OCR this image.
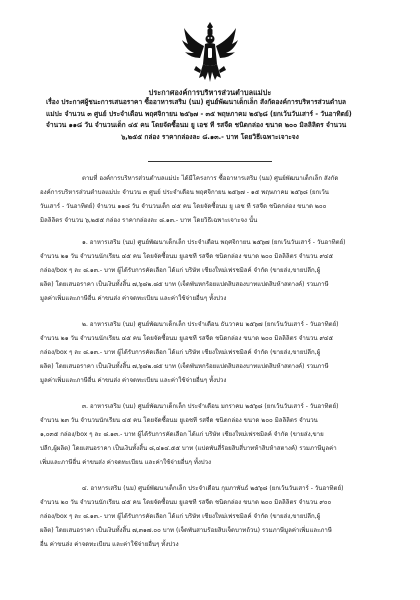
ประกาศองค์การบริหารส่วนตำบลแม่ปะ
เรื่อง ประกาศผู้ชนะการเสนอราคา ซื้ออาหารเสริม (นม) ศูนย์พัฒนาเด็กเล็ก สังกัดองค์การบริหารส่วนตำบล
แม่ปะ จำนวน ๓ ศูนย์ ประจำเดือน พฤศจิกายน ๒๕๖๗ - ๓๕ พฤษภาคม ๒๕๖๘ (ยกเว้นวันเสาร์ - วันอาทิตย์)
จำนวน ๑๑๘ วัน จำนวนเด็ก ๔๕ คน โดยจัดซื้อนม ยู เอช ที รสจืด ชนิดกล่อง ขนาด ๒๐๐ มิลลิลิตร จำนวน
๖,๒๕๕ กล่อง ราคากล่องละ ๘.๑๓.- บาท โดยวิธีเฉพาะเจาะจง
ตามที่ องค์การบริหารส่วนตำบลแม่ปะ ได้มีโครงการ ซื้ออาหารเสริม (นม) ศูนย์พัฒนาเด็กเล็ก สังกัด
องค์การบริหารส่วนตำบลแม่ปะ จำนวน ๓ ศูนย์ ประจำเดือน พฤศจิกายน ๒๕๖๗ - ๑๕ พฤษภาคม ๒๕๖๘ (ยกเว้น
วันเสาร์ - วันอาทิตย์) จำนวน ๑๑๘ วัน จำนวนเด็ก ๔๕ คน โดยจัดซื้อนม ยู เอช ที รสจืด ชนิดกล่อง ขนาด ๒๐๐
มิลลิลิตร จำนวน ๖,๒๕๕ กล่อง ราคากล่องละ ๘.๑๓.- บาท โดยวิธีเฉพาะเจาะจง นั้น
๑. อาหารเสริม (นม) ศูนย์พัฒนาเด็กเล็ก ประจำเดือน พฤศจิกายน ๒๕๖๗ (ยกเว้นวันเสาร์ - วันอาทิตย์)
จำนวน ๒๑ วัน จำนวนนักเรียน ๔๕ คน โดยจัดซื้อนม ยูเอชที รสจืด ชนิดกล่อง ขนาด ๒๐๐ มิลลิลิตร จำนวน ๙๔๕
กล่อง/box ๆ ละ ๘.๑๓.- บาท ผู้ได้รับการคัดเลือก ได้แก่ บริษัท เชียงใหม่เฟรชมิลค์ จำกัด (ขายส่ง,ขายปลีก,ผู้
ผลิต) โดยเสนอราคา เป็นเงินทั้งสิ้น ๗,๖๘๒.๘๕ บาท (เจ็ดพันหกร้อยแปดสิบสองบาทแปดสิบห้าสตางค์) รวมภาษี
มูลค่าเพิ่มและภาษีอื่น ค่าขนส่ง ค่าจดทะเบียน และค่าใช้จ่ายอื่นๆ ทั้งปวง
๒. อาหารเสริม (นม) ศูนย์พัฒนาเด็กเล็ก ประจำเดือน ธันวาคม ๒๕๖๗ (ยกเว้นวันเสาร์ - วันอาทิตย์)
จำนวน ๒๑ วัน จำนวนนักเรียน ๔๕ คน โดยจัดซื้อนม ยูเอชที รสจืด ชนิดกล่อง ขนาด ๒๐๐ มิลลิลิตร จำนวน ๙๔๕
กล่อง/box ๆ ละ ๘.๑๓.- บาท ผู้ได้รับการคัดเลือก ได้แก่ บริษัท เชียงใหม่เฟรชมิลค์ จำกัด (ขายส่ง,ขายปลีก,ผู้
ผลิต) โดยเสนอราคา เป็นเงินทั้งสิ้น ๗,๖๘๒.๘๕ บาท (เจ็ดพันหกร้อยแปดสิบสองบาทแปดสิบห้าสตางค์) รวมภาษี
มูลค่าเพิ่มและภาษีอื่น ค่าขนส่ง ค่าจดทะเบียน และค่าใช้จ่ายอื่นๆ ทั้งปวง
๓. อาหารเสริม (นม) ศูนย์พัฒนาเด็กเล็ก ประจำเดือน มกราคม ๒๕๖๘ (ยกเว้นวันเสาร์ - วันอาทิตย์)
จำนวน ๒๓ วัน จำนวนนักเรียน ๔๕ คน โดยจัดซื้อนม ยูเอชที รสจืด ชนิดกล่อง ขนาด ๒๐๐ มิลลิลิตร จำนวน
๑,๐๓๕ กล่อง/box ๆ ละ ๘.๑๓.- บาท ผู้ได้รับการคัดเลือก ได้แก่ บริษัท เชียงใหม่เฟรชมิลค์ จำกัด (ขายส่ง,ขาย
ปลีก,ผู้ผลิต) โดยเสนอราคา เป็นเงินทั้งสิ้น ๘,๔๑๔.๕๕ บาท (แปดพันสี่ร้อยสิบสี่บาทห้าสิบห้าสตางค์) รวมภาษีมูลค่า
เพิ่มและภาษีอื่น ค่าขนส่ง ค่าจดทะเบียน และค่าใช้จ่ายอื่นๆ ทั้งปวง
๔. อาหารเสริม (นม) ศูนย์พัฒนาเด็กเล็ก ประจำเดือน กุมภาพันธ์ ๒๕๖๘ (ยกเว้นวันเสาร์ - วันอาทิตย์)
จำนวน ๒๐ วัน จำนวนนักเรียน ๔๕ คน โดยจัดซื้อนม ยูเอชที รสจืด ชนิดกล่อง ขนาด ๒๐๐ มิลลิลิตร จำนวน ๙๐๐
กล่อง/box ๆ ละ ๘.๑๓.- บาท ผู้ได้รับการคัดเลือก ได้แก่ บริษัท เชียงใหม่เฟรชมิลค์ จำกัด (ขายส่ง,ขายปลีก,ผู้
ผลิต) โดยเสนอราคา เป็นเงินทั้งสิ้น ๗,๓๑๗.๐๐ บาท (เจ็ดพันสามร้อยสิบเจ็ดบาทถ้วน) รวมภาษีมูลค่าเพิ่มและภาษี
อื่น ค่าขนส่ง ค่าจดทะเบียน และค่าใช้จ่ายอื่นๆ ทั้งปวง
